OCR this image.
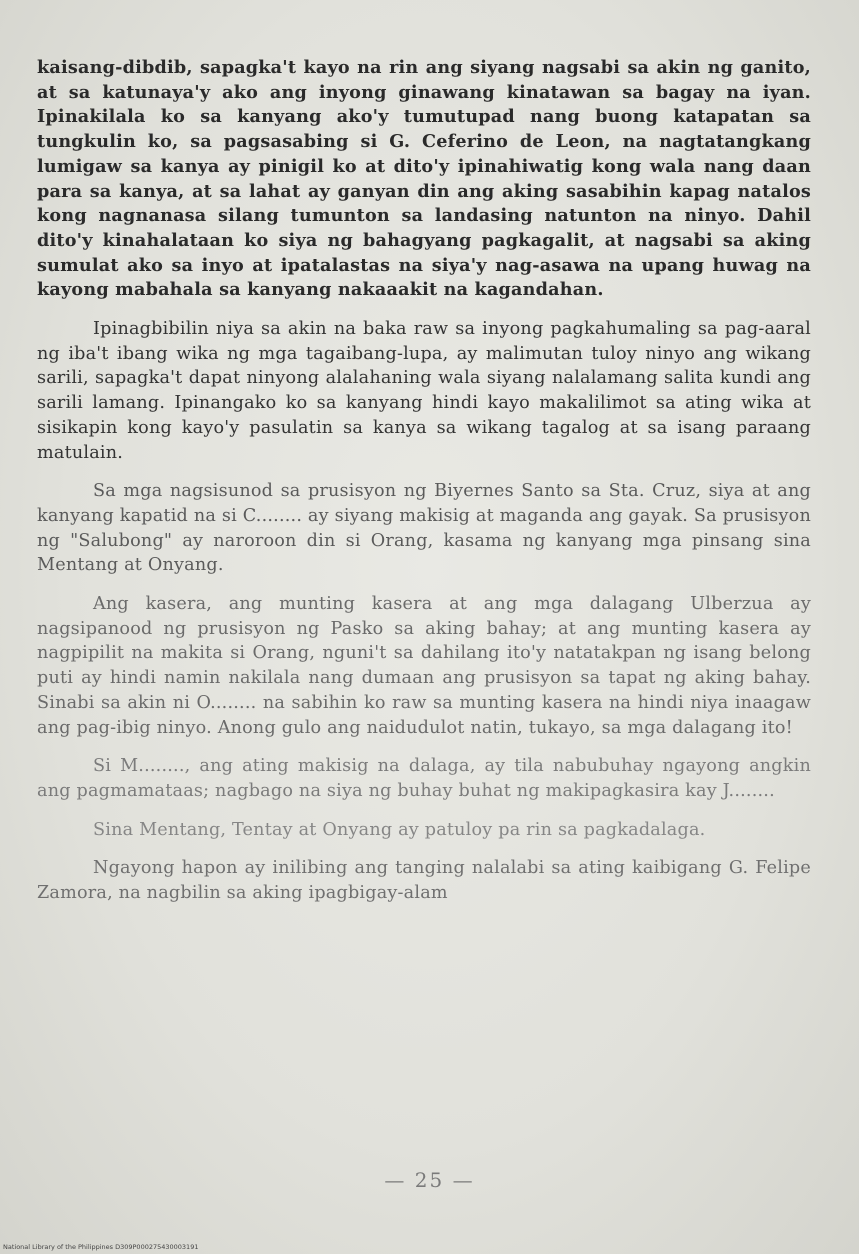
kaisang-dibdib, sapagka't kayo na rin ang siyang nagsabi sa akin ng ganito, at sa katunaya'y ako ang inyong ginawang kinatawan sa bagay na iyan. Ipinakilala ko sa kanyang ako'y tumutupad nang buong katapatan sa tungkulin ko, sa pagsasabing si G. Ceferino de Leon, na nagtatangkang lumigaw sa kanya ay pinigil ko at dito'y ipinahiwatig kong wala nang daan para sa kanya, at sa lahat ay ganyan din ang aking sasabihin kapag natalos kong nagnanasa silang tumunton sa landasing natunton na ninyo. Dahil dito'y kinahalataan ko siya ng bahagyang pagkagalit, at nagsabi sa aking sumulat ako sa inyo at ipatalastas na siya'y nag-asawa na upang huwag na kayong mabahala sa kanyang nakaaakit na kagandahan.

Ipinagbibilin niya sa akin na baka raw sa inyong pagkahumaling sa pag-aaral ng iba't ibang wika ng mga tagaibang-lupa, ay malimutan tuloy ninyo ang wikang sarili, sapagka't dapat ninyong alalahaning wala siyang nalalamang salita kundi ang sarili lamang. Ipinangako ko sa kanyang hindi kayo makalilimot sa ating wika at sisikapin kong kayo'y pasulatin sa kanya sa wikang tagalog at sa isang paraang matulain.

Sa mga nagsisunod sa prusisyon ng Biyernes Santo sa Sta. Cruz, siya at ang kanyang kapatid na si C........ ay siyang makisig at maganda ang gayak. Sa prusisyon ng "Salubong" ay naroroon din si Orang, kasama ng kanyang mga pinsang sina Mentang at Onyang.

Ang kasera, ang munting kasera at ang mga dalagang Ulberzua ay nagsipanood ng prusisyon ng Pasko sa aking bahay; at ang munting kasera ay nagpipilit na makita si Orang, nguni't sa dahilang ito'y natatakpan ng isang belong puti ay hindi namin nakilala nang dumaan ang prusisyon sa tapat ng aking bahay. Sinabi sa akin ni O........ na sabihin ko raw sa munting kasera na hindi niya inaagaw ang pag-ibig ninyo. Anong gulo ang naidudulot natin, tukayo, sa mga dalagang ito!

Si M........, ang ating makisig na dalaga, ay tila nabubuhay ngayong angkin ang pagmamataas; nagbago na siya ng buhay buhat ng makipagkasira kay J........

Sina Mentang, Tentay at Onyang ay patuloy pa rin sa pagkadalaga.

Ngayong hapon ay inilibing ang tanging nalalabi sa ating kaibigang G. Felipe Zamora, na nagbilin sa aking ipagbigay-alam

— 25 —
National Library of the Philippines D309P000275430003191
